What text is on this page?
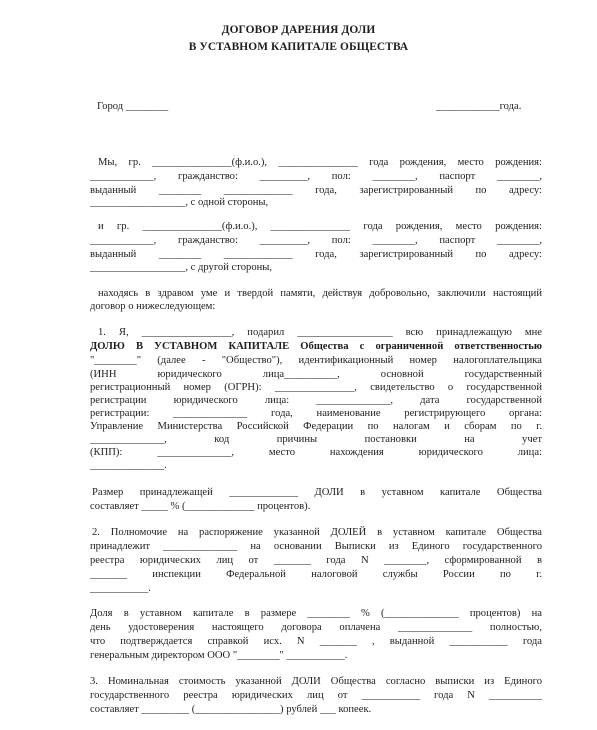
ДОГОВОР ДАРЕНИЯ ДОЛИ
В УСТАВНОМ КАПИТАЛЕ ОБЩЕСТВА
Город ________	____________года.
Мы, гр. _______________(ф.и.о.), _______________ года рождения, место рождения:
____________, гражданство: _________, пол: ________, паспорт ________,
выданный ________ _____________ года, зарегистрированный по адресу:
__________________, с одной стороны,
и гр. _______________(ф.и.о.), _______________ года рождения, место рождения:
____________, гражданство: _________, пол: ________, паспорт ________,
выданный ________ _____________ года, зарегистрированный по адресу:
__________________, с другой стороны,
находясь в здравом уме и твердой памяти, действуя добровольно, заключили настоящий
договор о нижеследующем:
1. Я, _________________, подарил __________________ всю принадлежащую мне
ДОЛЮ В УСТАВНОМ КАПИТАЛЕ Общества с ограниченной ответственностью
"________" (далее - "Общество"), идентификационный номер налогоплательщика
(ИНН юридического лица__________, основной государственный
регистрационный номер (ОГРН): _______________, свидетельство о государственной
регистрации юридического лица: ______________, дата государственной
регистрации: ______________ года, наименование регистрирующего органа:
Управление Министерства Российской Федерации по налогам и сборам по г.
______________, код причины постановки на учет
(КПП): ______________, место нахождения юридического лица:
______________.
Размер принадлежащей _____________ ДОЛИ в уставном капитале Общества
составляет _____ % (_____________ процентов).
2. Полномочие на распоряжение указанной ДОЛЕЙ в уставном капитале Общества
принадлежит ______________ на основании Выписки из Единого государственного
реестра юридических лиц от _______ года N ________, сформированной в
_______ инспекции Федеральной налоговой службы России по г.
___________.
Доля в уставном капитале в размере ________ % (______________ процентов) на
день удостоверения настоящего договора оплачена ______________ полностью,
что подтверждается справкой исх. N _______ , выданной ___________ года
генеральным директором ООО "________" ___________.
3. Номинальная стоимость указанной ДОЛИ Общества согласно выписки из Единого
государственного реестра юридических лиц от ___________ года N __________
составляет _________ (________________) рублей ___ копеек.
